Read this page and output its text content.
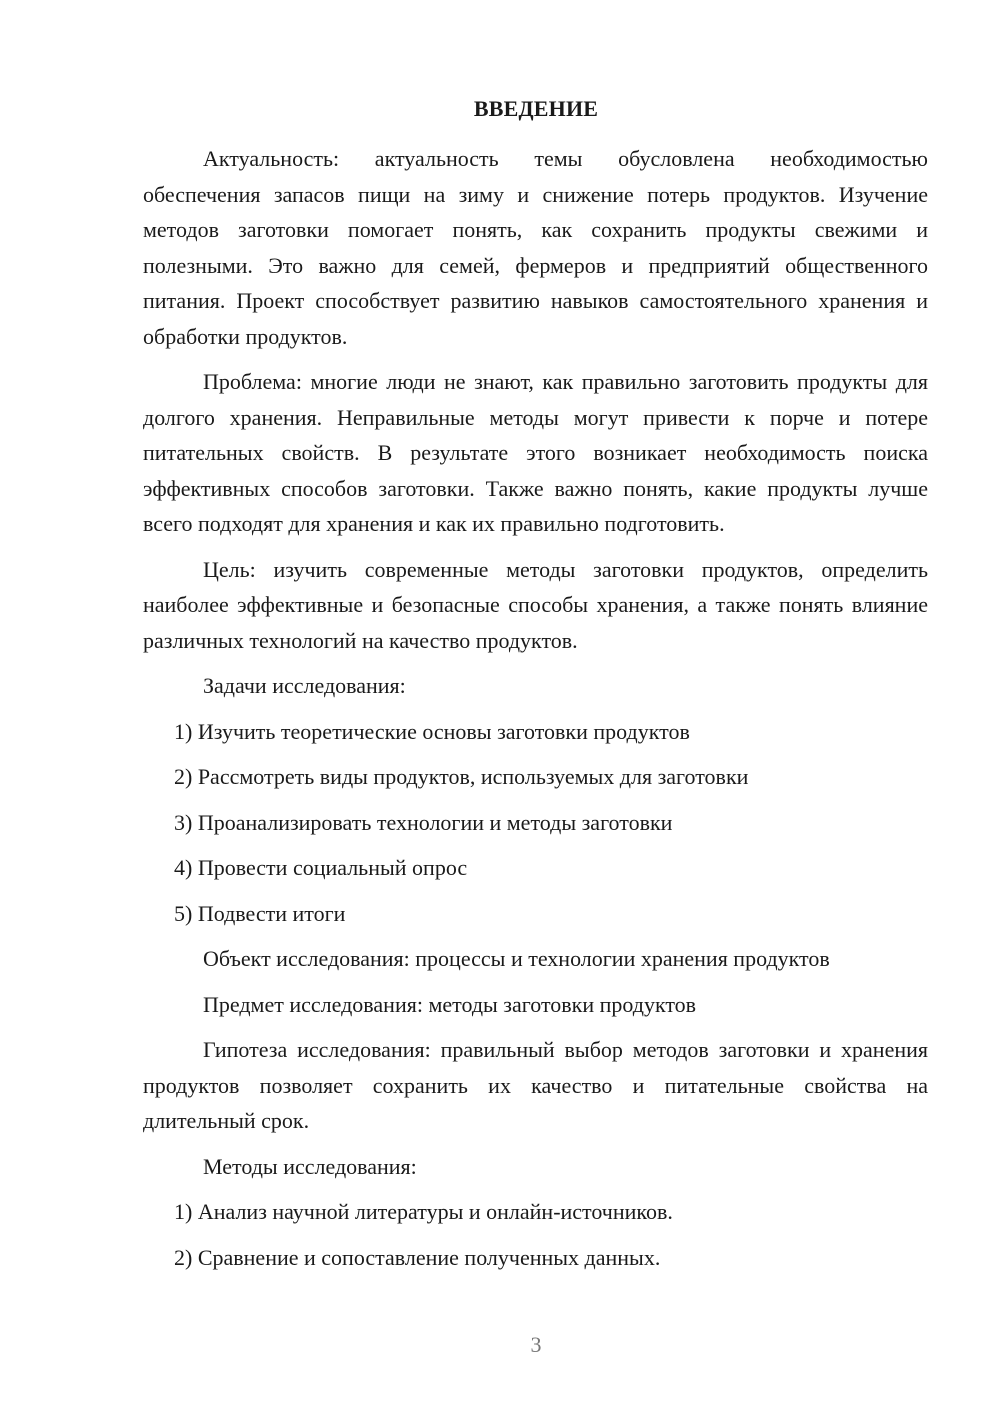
ВВЕДЕНИЕ

Актуальность: актуальность темы обусловлена необходимостью обеспечения запасов пищи на зиму и снижение потерь продуктов. Изучение методов заготовки помогает понять, как сохранить продукты свежими и полезными. Это важно для семей, фермеров и предприятий общественного питания. Проект способствует развитию навыков самостоятельного хранения и обработки продуктов.

Проблема: многие люди не знают, как правильно заготовить продукты для долгого хранения. Неправильные методы могут привести к порче и потере питательных свойств. В результате этого возникает необходимость поиска эффективных способов заготовки. Также важно понять, какие продукты лучше всего подходят для хранения и как их правильно подготовить.

Цель: изучить современные методы заготовки продуктов, определить наиболее эффективные и безопасные способы хранения, а также понять влияние различных технологий на качество продуктов.

Задачи исследования:

1) Изучить теоретические основы заготовки продуктов

2) Рассмотреть виды продуктов, используемых для заготовки

3) Проанализировать технологии и методы заготовки

4) Провести социальный опрос

5) Подвести итоги

Объект исследования: процессы и технологии хранения продуктов

Предмет исследования: методы заготовки продуктов

Гипотеза исследования: правильный выбор методов заготовки и хранения продуктов позволяет сохранить их качество и питательные свойства на длительный срок.

Методы исследования:

1) Анализ научной литературы и онлайн-источников.

2) Сравнение и сопоставление полученных данных.

3
